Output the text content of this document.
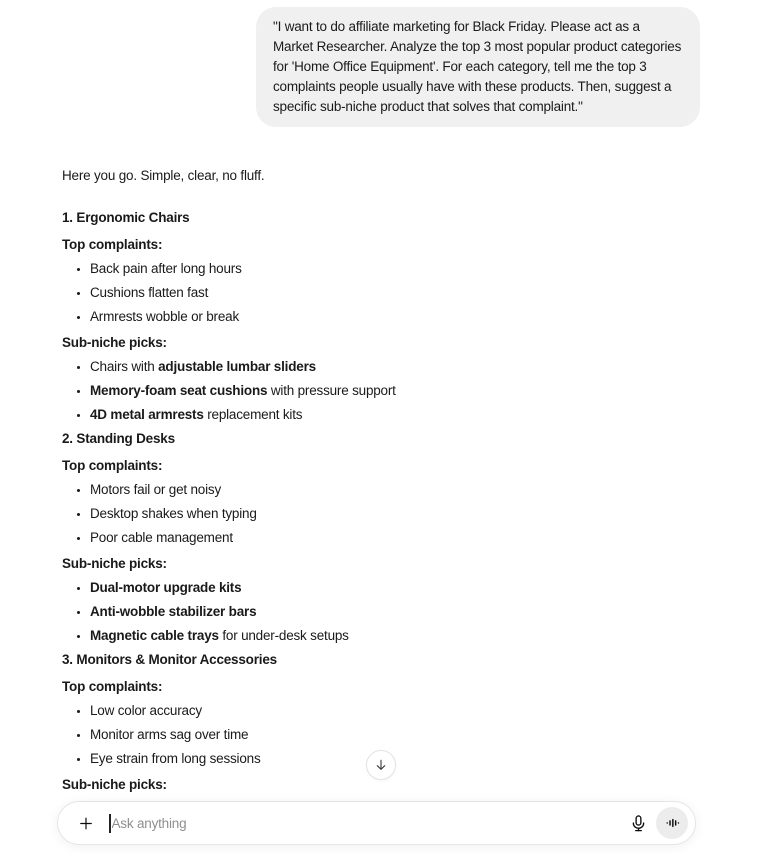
"I want to do affiliate marketing for Black Friday. Please act as a Market Researcher. Analyze the top 3 most popular product categories for 'Home Office Equipment'. For each category, tell me the top 3 complaints people usually have with these products. Then, suggest a specific sub-niche product that solves that complaint."

Here you go. Simple, clear, no fluff.

1. Ergonomic Chairs

Top complaints:

• Back pain after long hours
• Cushions flatten fast
• Armrests wobble or break

Sub-niche picks:

• Chairs with adjustable lumbar sliders
• Memory-foam seat cushions with pressure support
• 4D metal armrests replacement kits

2. Standing Desks

Top complaints:

• Motors fail or get noisy
• Desktop shakes when typing
• Poor cable management

Sub-niche picks:

• Dual-motor upgrade kits
• Anti-wobble stabilizer bars
• Magnetic cable trays for under-desk setups

3. Monitors & Monitor Accessories

Top complaints:

• Low color accuracy
• Monitor arms sag over time
• Eye strain from long sessions

Sub-niche picks:

Ask anything
